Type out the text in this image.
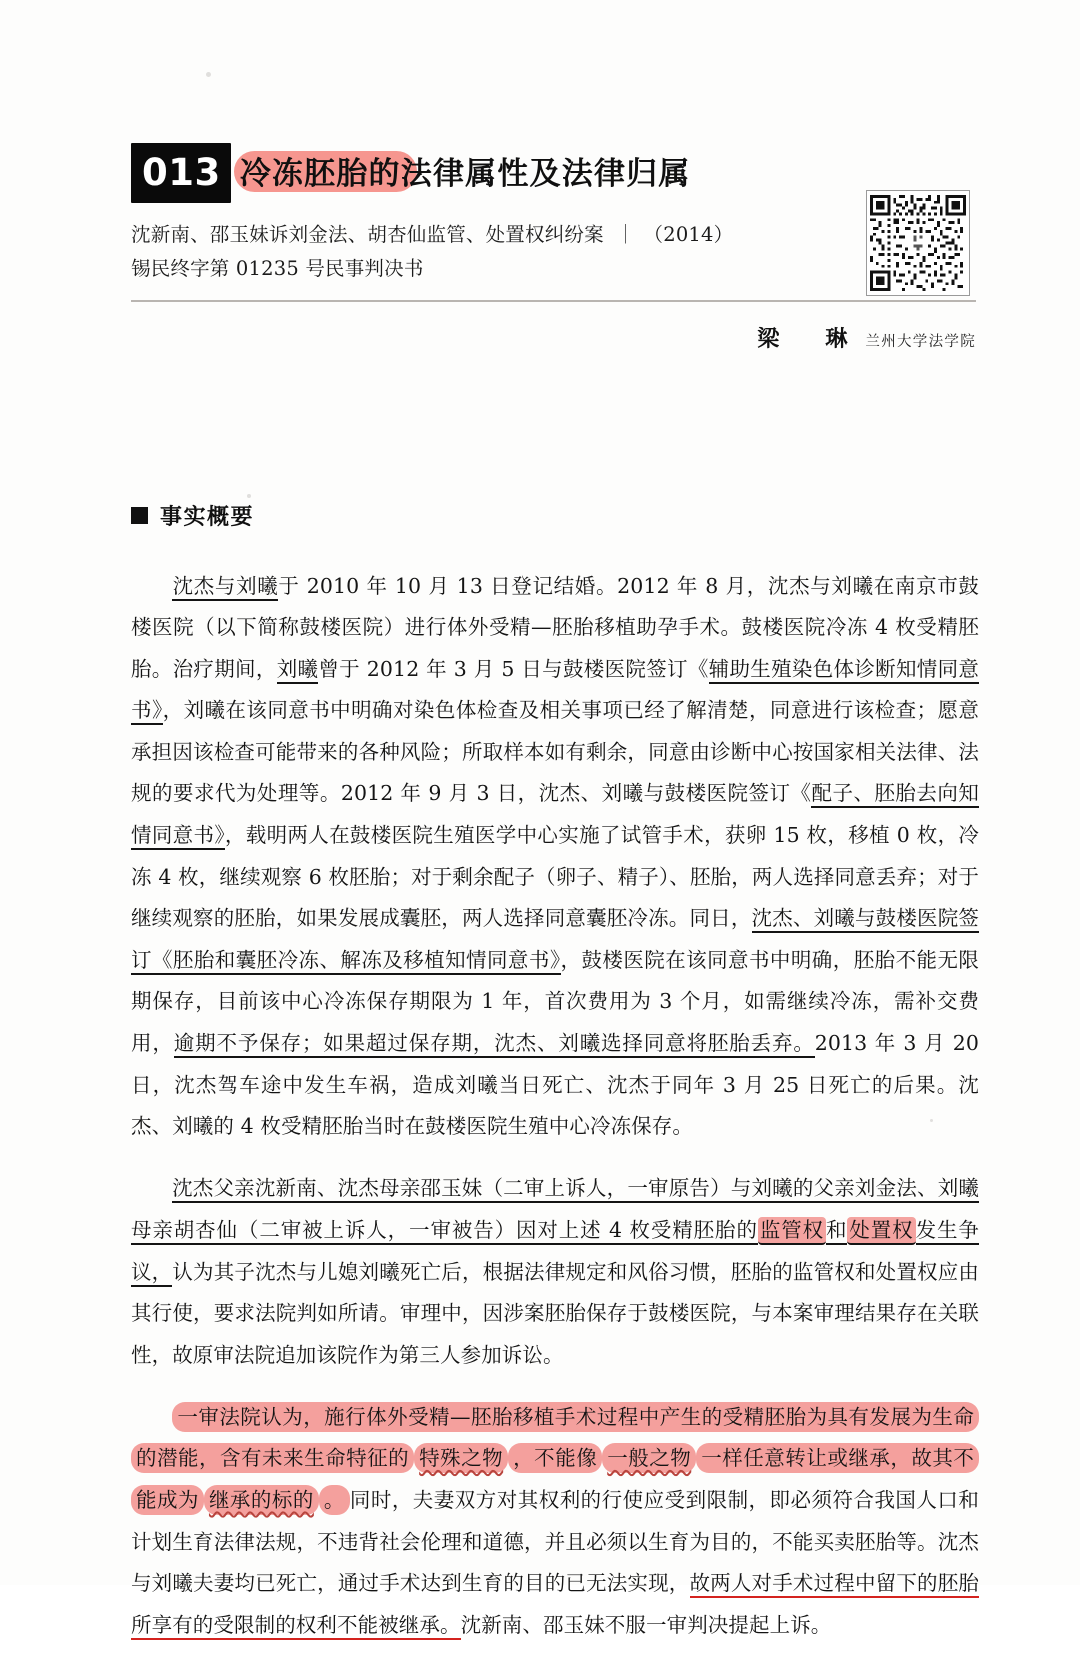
013 冷冻胚胎的法律属性及法律归属
沈新南、邵玉妹诉刘金法、胡杏仙监管、处置权纠纷案 ｜ （2014）锡民终字第 01235 号民事判决书
梁　琳 兰州大学法学院
事实概要

沈杰与刘曦于 2010 年 10 月 13 日登记结婚。2012 年 8 月，沈杰与刘曦在南京市鼓楼医院（以下简称鼓楼医院）进行体外受精—胚胎移植助孕手术。鼓楼医院冷冻 4 枚受精胚胎。治疗期间，刘曦曾于 2012 年 3 月 5 日与鼓楼医院签订《辅助生殖染色体诊断知情同意书》，刘曦在该同意书中明确对染色体检查及相关事项已经了解清楚，同意进行该检查；愿意承担因该检查可能带来的各种风险；所取样本如有剩余，同意由诊断中心按国家相关法律、法规的要求代为处理等。2012 年 9 月 3 日，沈杰、刘曦与鼓楼医院签订《配子、胚胎去向知情同意书》，载明两人在鼓楼医院生殖医学中心实施了试管手术，获卵 15 枚，移植 0 枚，冷冻 4 枚，继续观察 6 枚胚胎；对于剩余配子（卵子、精子）、胚胎，两人选择同意丢弃；对于继续观察的胚胎，如果发展成囊胚，两人选择同意囊胚冷冻。同日，沈杰、刘曦与鼓楼医院签订《胚胎和囊胚冷冻、解冻及移植知情同意书》，鼓楼医院在该同意书中明确，胚胎不能无限期保存，目前该中心冷冻保存期限为 1 年，首次费用为 3 个月，如需继续冷冻，需补交费用，逾期不予保存；如果超过保存期，沈杰、刘曦选择同意将胚胎丢弃。2013 年 3 月 20 日，沈杰驾车途中发生车祸，造成刘曦当日死亡、沈杰于同年 3 月 25 日死亡的后果。沈杰、刘曦的 4 枚受精胚胎当时在鼓楼医院生殖中心冷冻保存。

沈杰父亲沈新南、沈杰母亲邵玉妹（二审上诉人，一审原告）与刘曦的父亲刘金法、刘曦母亲胡杏仙（二审被上诉人，一审被告）因对上述 4 枚受精胚胎的监管权和处置权发生争议，认为其子沈杰与儿媳刘曦死亡后，根据法律规定和风俗习惯，胚胎的监管权和处置权应由其行使，要求法院判如所请。审理中，因涉案胚胎保存于鼓楼医院，与本案审理结果存在关联性，故原审法院追加该院作为第三人参加诉讼。

一审法院认为，施行体外受精—胚胎移植手术过程中产生的受精胚胎为具有发展为生命的潜能，含有未来生命特征的 特殊之物 ，不能像 一般之物 一样任意转让或继承，故其不能成为 继承的标的 。 同时，夫妻双方对其权利的行使应受到限制，即必须符合我国人口和计划生育法律法规，不违背社会伦理和道德，并且必须以生育为目的，不能买卖胚胎等。沈杰与刘曦夫妻均已死亡，通过手术达到生育的目的已无法实现，故两人对手术过程中留下的胚胎所享有的受限制的权利不能被继承。沈新南、邵玉妹不服一审判决提起上诉。
